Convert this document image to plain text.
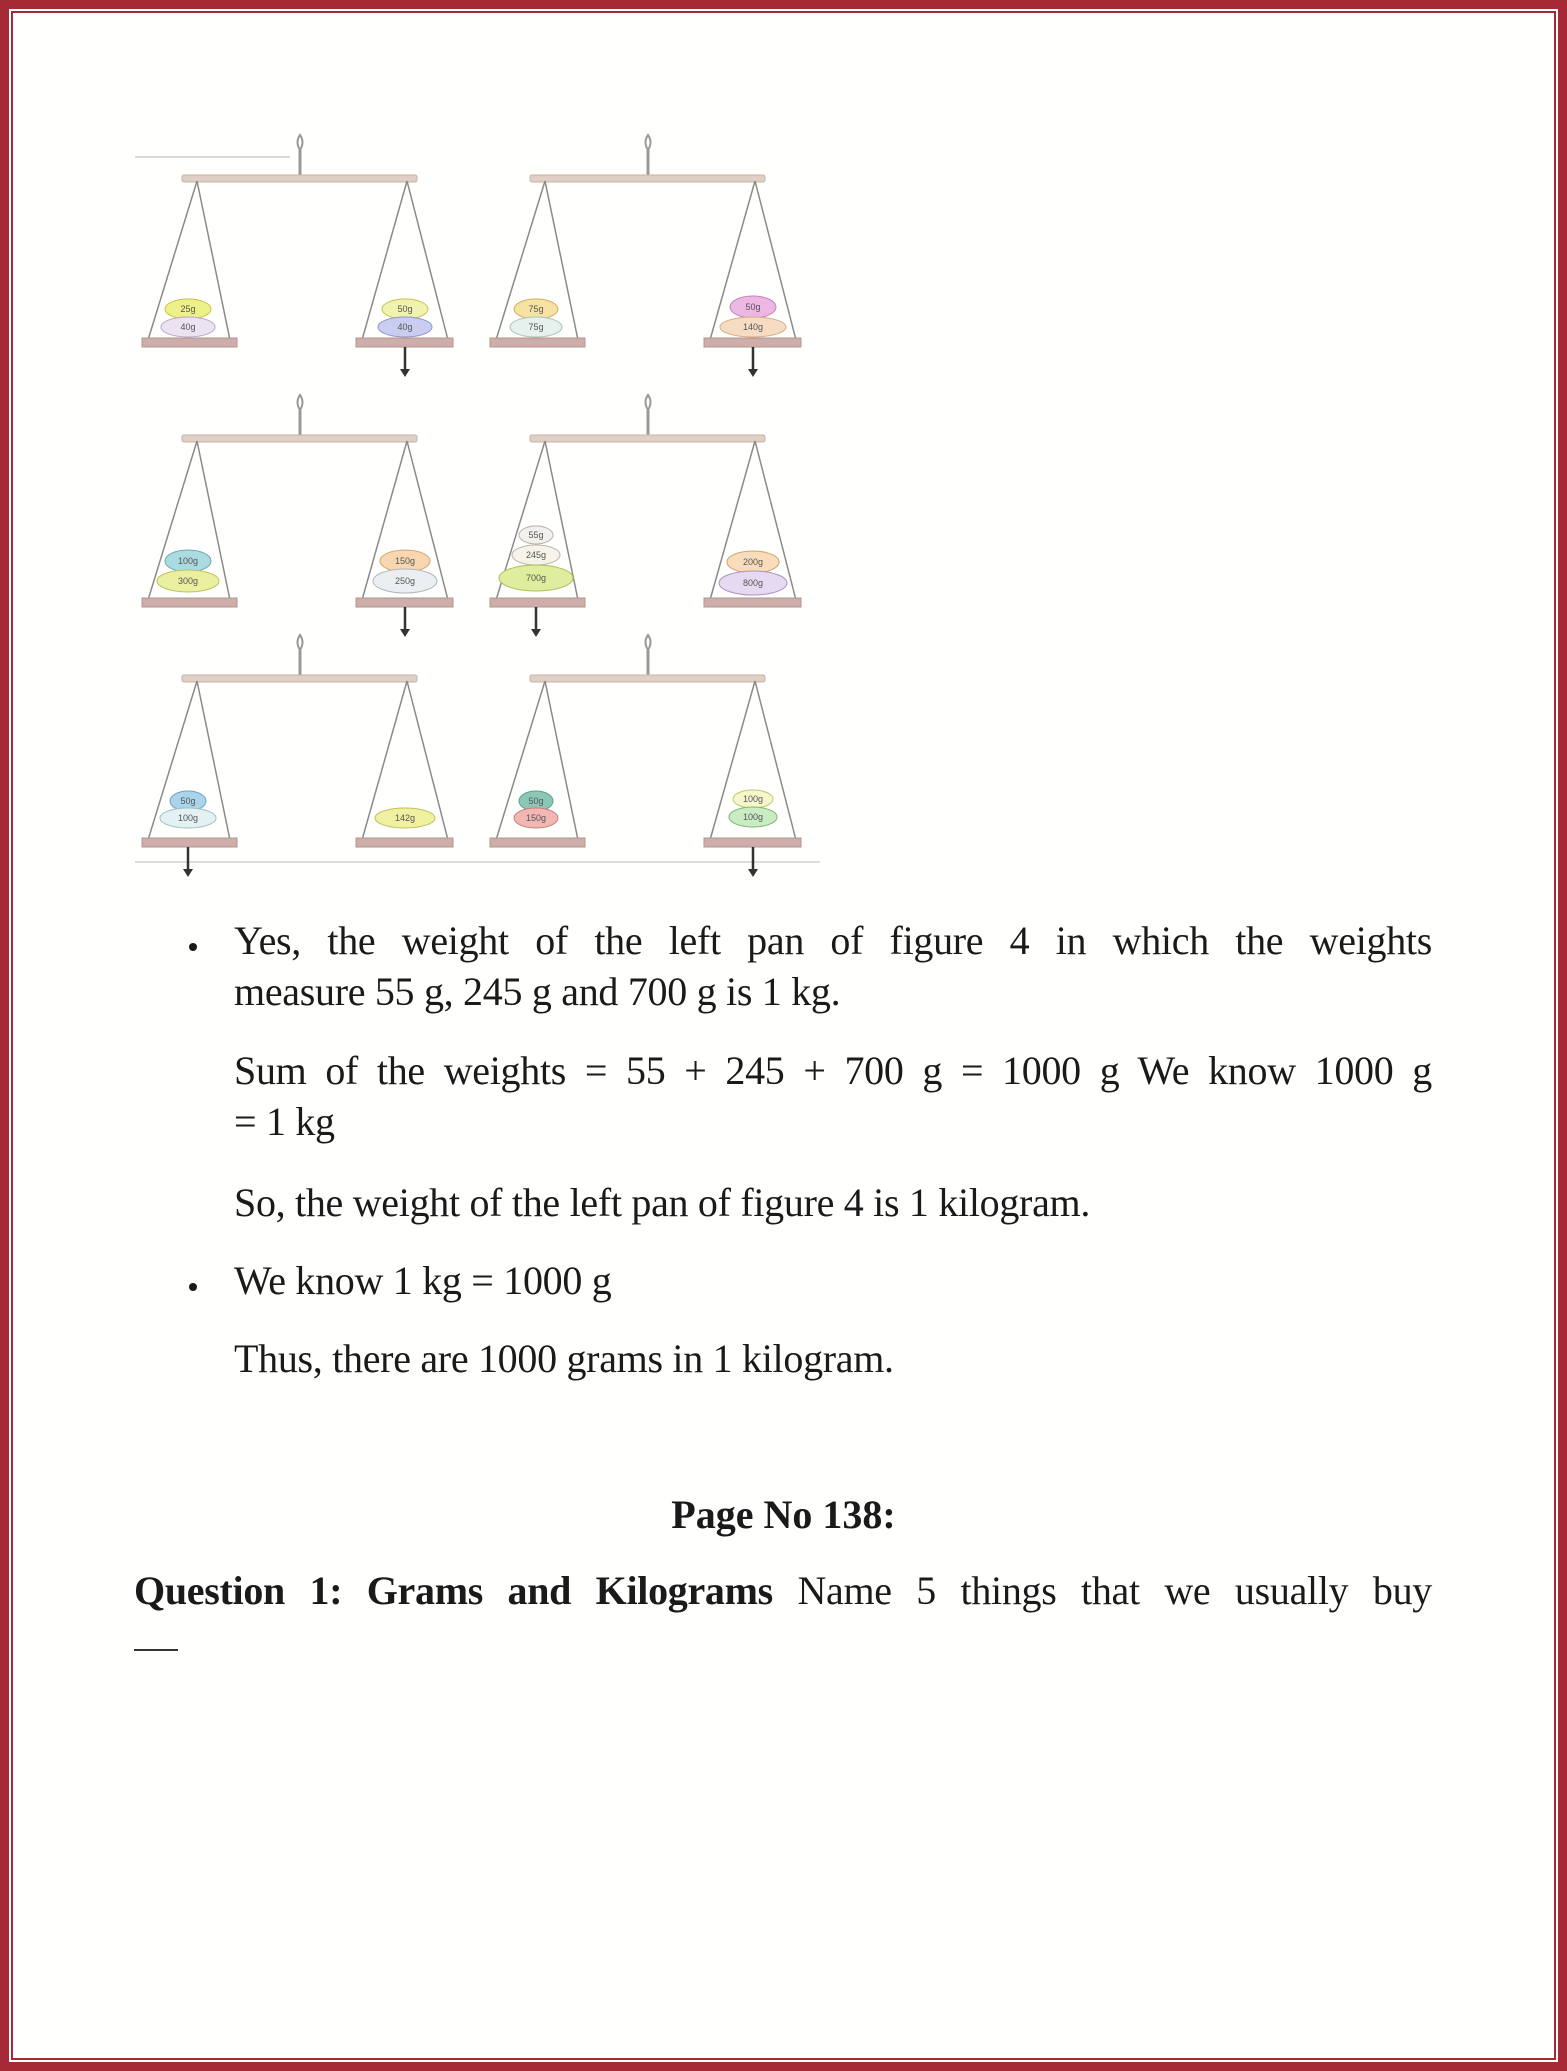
25g
40g
50g
40g
75g
75g
50g
140g
100g
300g
150g
250g
55g
245g
700g
200g
800g
50g
100g	142g
50g
150g
100g
100g
Yes, the weight of the left pan of figure 4 in which the weights
measure 55 g, 245 g and 700 g is 1 kg.
Sum of the weights = 55 + 245 + 700 g = 1000 g We know 1000 g
= 1 kg
So, the weight of the left pan of figure 4 is 1 kilogram.
We know 1 kg = 1000 g
Thus, there are 1000 grams in 1 kilogram.
Page No 138:
Question 1: Grams and Kilograms Name 5 things that we usually buy
